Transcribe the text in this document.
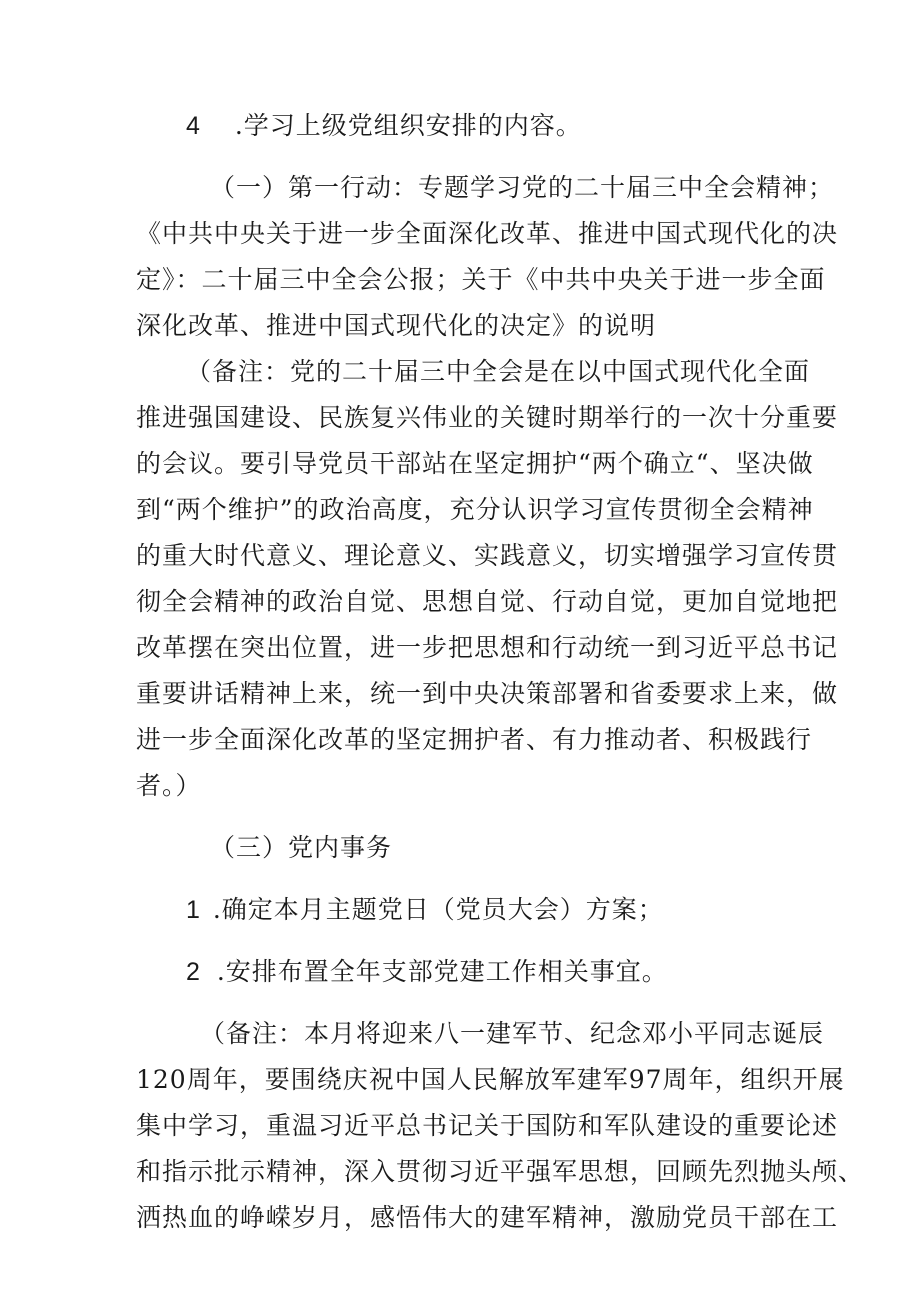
4 .学习上级党组织安排的内容。
（一）第一行动：专题学习党的二十届三中全会精神；
《中共中央关于进一步全面深化改革、推进中国式现代化的决
定》：二十届三中全会公报；关于《中共中央关于进一步全面
深化改革、推进中国式现代化的决定》的说明
（备注：党的二十届三中全会是在以中国式现代化全面
推进强国建设、民族复兴伟业的关键时期举行的一次十分重要
的会议。要引导党员干部站在坚定拥护“两个确立“、坚决做
到“两个维护”的政治高度，充分认识学习宣传贯彻全会精神
的重大时代意义、理论意义、实践意义，切实增强学习宣传贯
彻全会精神的政治自觉、思想自觉、行动自觉，更加自觉地把
改革摆在突出位置，进一步把思想和行动统一到习近平总书记
重要讲话精神上来，统一到中央决策部署和省委要求上来，做
进一步全面深化改革的坚定拥护者、有力推动者、积极践行
者。）
（三）党内事务
1 .确定本月主题党日（党员大会）方案；
2 .安排布置全年支部党建工作相关事宜。
（备注：本月将迎来八一建军节、纪念邓小平同志诞辰
120周年，要围绕庆祝中国人民解放军建军97周年，组织开展
集中学习，重温习近平总书记关于国防和军队建设的重要论述
和指示批示精神，深入贯彻习近平强军思想，回顾先烈抛头颅、
洒热血的峥嵘岁月，感悟伟大的建军精神，激励党员干部在工
